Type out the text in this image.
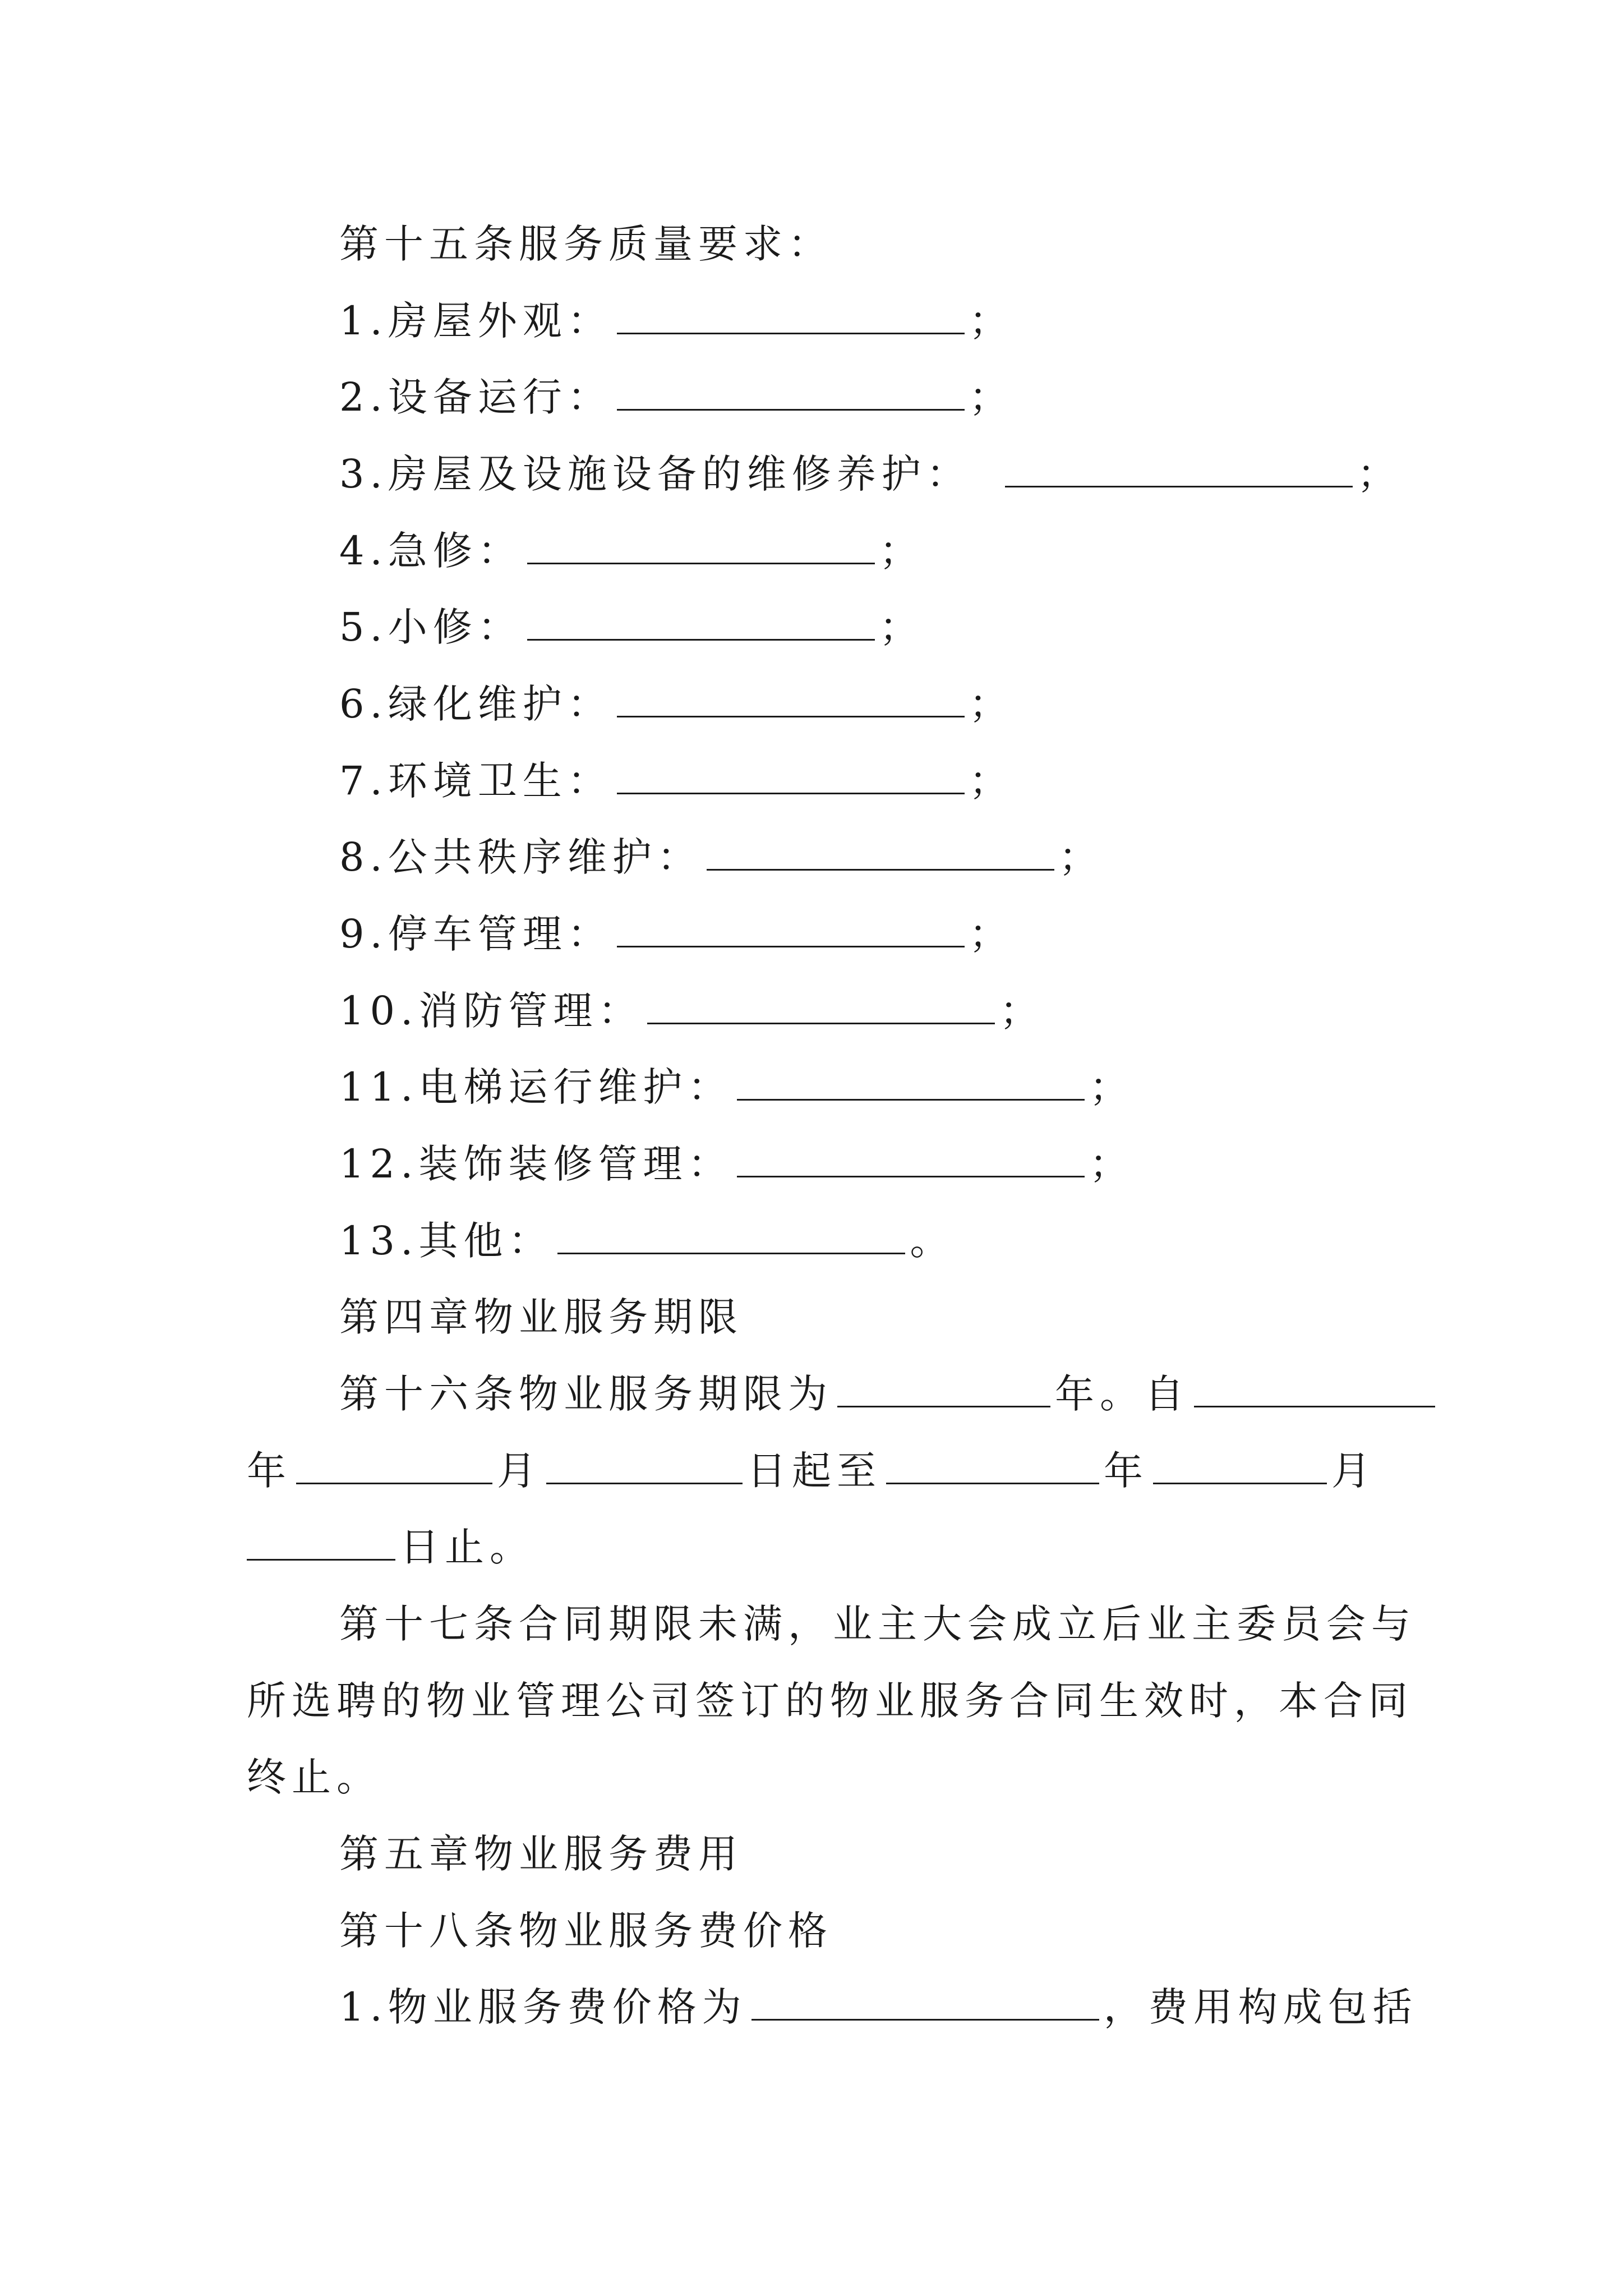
第十五条服务质量要求：
1.房屋外观：	；
2.设备运行：	；
3.房屋及设施设备的维修养护：	；
4.急修：	；
5.小修：	；
6.绿化维护：	；
7.环境卫生：	；
8.公共秩序维护：	；
9.停车管理：	；
10.消防管理：	；
11.电梯运行维护：	；
12.装饰装修管理：	；
13.其他：	。
第四章物业服务期限
第十六条物业服务期限为	年。自
年	月	日起至	年	月
日止。
第十七条合同期限未满，业主大会成立后业主委员会与
所选聘的物业管理公司签订的物业服务合同生效时，本合同
终止。
第五章物业服务费用
第十八条物业服务费价格
1.物业服务费价格为	，费用构成包括
